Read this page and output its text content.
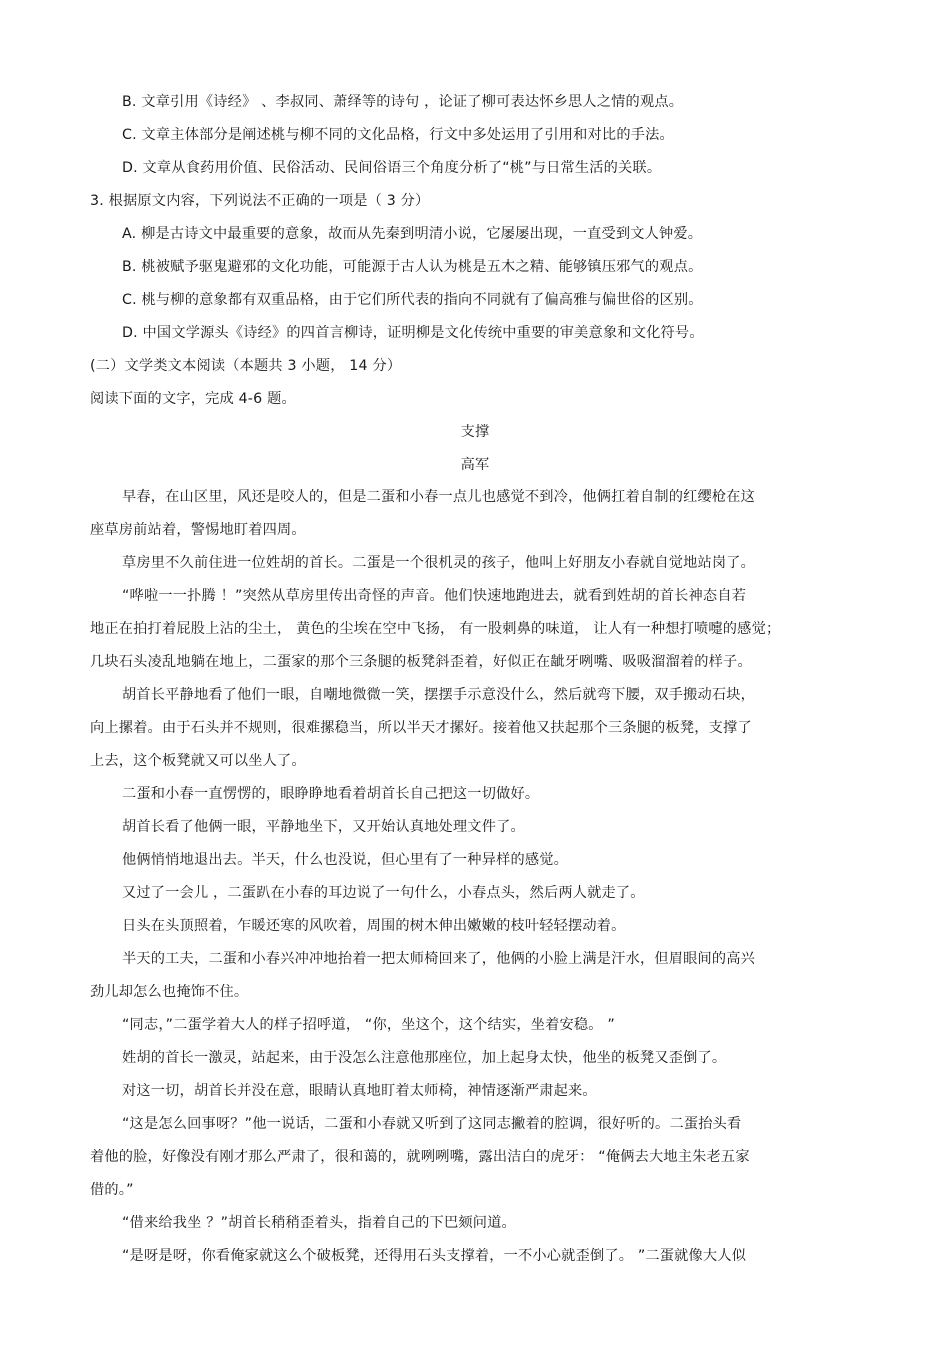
B. 文章引用《诗经》 、李叔同、萧绎等的诗句 ，论证了柳可表达怀乡思人之情的观点。
C. 文章主体部分是阐述桃与柳不同的文化品格，行文中多处运用了引用和对比的手法。
D. 文章从食药用价值、民俗活动、民间俗语三个角度分析了“桃”与日常生活的关联。
3. 根据原文内容，下列说法不正确的一项是（ 3 分）
A. 柳是古诗文中最重要的意象，故而从先秦到明清小说，它屡屡出现，一直受到文人钟爱。
B. 桃被赋予驱鬼避邪的文化功能，可能源于古人认为桃是五木之精、能够镇压邪气的观点。
C. 桃与柳的意象都有双重品格，由于它们所代表的指向不同就有了偏高雅与偏世俗的区别。
D. 中国文学源头《诗经》的四首言柳诗，证明柳是文化传统中重要的审美意象和文化符号。
(二）文学类文本阅读（本题共 3 小题， 14 分）
阅读下面的文字，完成 4-6 题。
支撑
高军
早春，在山区里，风还是咬人的，但是二蛋和小春一点儿也感觉不到冷，他俩扛着自制的红缨枪在这
座草房前站着，警惕地盯着四周。
草房里不久前住进一位姓胡的首长。二蛋是一个很机灵的孩子，他叫上好朋友小春就自觉地站岗了。
“哗啦一一扑腾 ！”突然从草房里传出奇怪的声音。他们快速地跑进去，就看到姓胡的首长神态自若
地正在拍打着屁股上沾的尘土， 黄色的尘埃在空中飞扬， 有一股刺鼻的味道， 让人有一种想打喷嚏的感觉；
几块石头凌乱地躺在地上，二蛋家的那个三条腿的板凳斜歪着，好似正在龇牙咧嘴、吸吸溜溜着的样子。
胡首长平静地看了他们一眼，自嘲地微微一笑，摆摆手示意没什么，然后就弯下腰，双手搬动石块，
向上摞着。由于石头并不规则，很难摞稳当，所以半天才摞好。接着他又扶起那个三条腿的板凳，支撑了
上去，这个板凳就又可以坐人了。
二蛋和小春一直愣愣的，眼睁睁地看着胡首长自己把这一切做好。
胡首长看了他俩一眼，平静地坐下，又开始认真地处理文件了。
他俩悄悄地退出去。半天，什么也没说，但心里有了一种异样的感觉。
又过了一会儿 ，二蛋趴在小春的耳边说了一句什么，小春点头，然后两人就走了。
日头在头顶照着，乍暖还寒的风吹着，周围的树木伸出嫩嫩的枝叶轻轻摆动着。
半天的工夫，二蛋和小春兴冲冲地抬着一把太师椅回来了，他俩的小脸上满是汗水，但眉眼间的高兴
劲儿却怎么也掩饰不住。
“同志，”二蛋学着大人的样子招呼道， “你，坐这个，这个结实，坐着安稳。 ”
姓胡的首长一激灵，站起来，由于没怎么注意他那座位，加上起身太快，他坐的板凳又歪倒了。
对这一切，胡首长并没在意，眼睛认真地盯着太师椅，神情逐渐严肃起来。
“这是怎么回事呀？”他一说话，二蛋和小春就又听到了这同志撇着的腔调，很好听的。二蛋抬头看
着他的脸，好像没有刚才那么严肃了，很和蔼的，就咧咧嘴，露出洁白的虎牙： “俺俩去大地主朱老五家
借的。”
“借来给我坐 ？”胡首长稍稍歪着头，指着自己的下巴颏问道。
“是呀是呀，你看俺家就这么个破板凳，还得用石头支撑着，一不小心就歪倒了。 ”二蛋就像大人似
